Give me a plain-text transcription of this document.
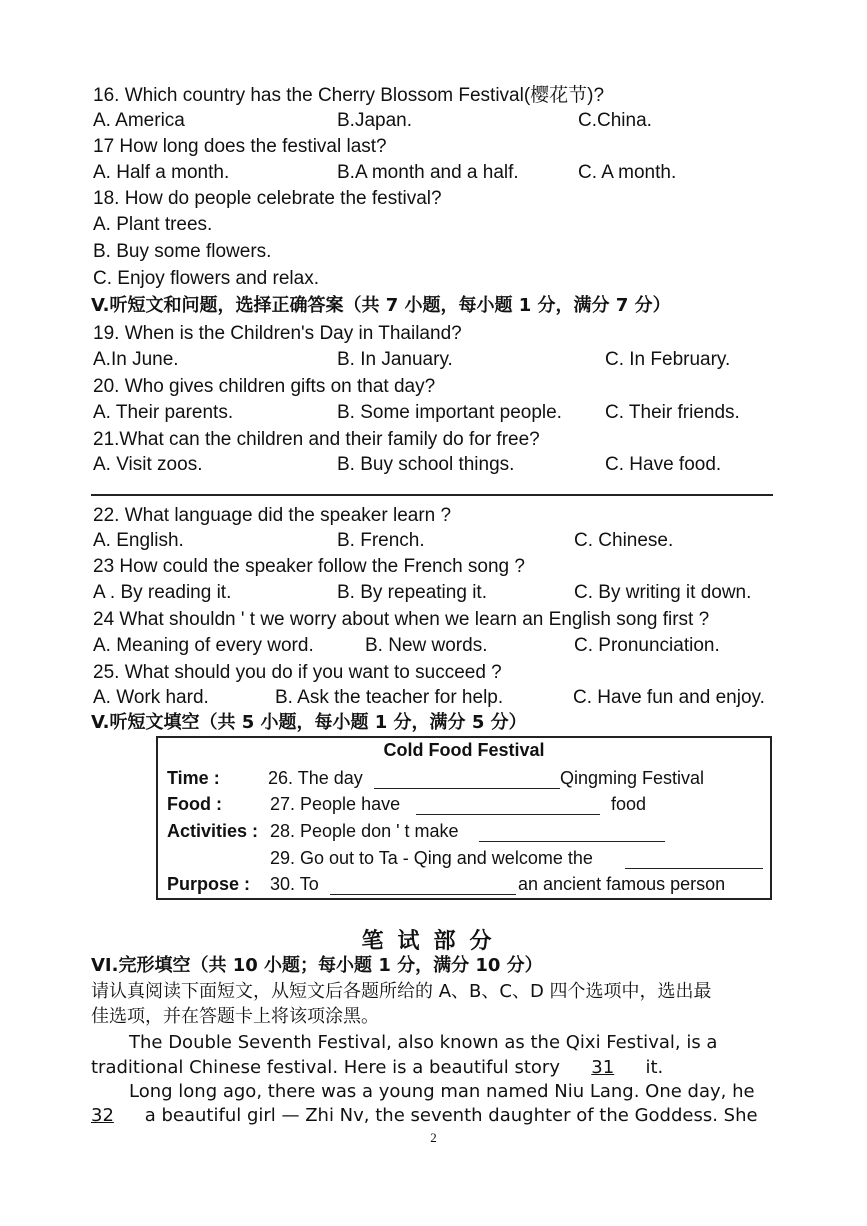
16. Which country has the Cherry Blossom Festival(樱花节)?
A. America	B.Japan.	C.China.
17 How long does the festival last?
A. Half a month.	B.A month and a half.	C. A month.
18. How do people celebrate the festival?
A. Plant trees.
B. Buy some flowers.
C. Enjoy flowers and relax.
V.听短文和问题，选择正确答案（共 7 小题，每小题 1 分，满分 7 分）
19. When is the Children's Day in Thailand?
A.In June.	B. In January.	C. In February.
20. Who gives children gifts on that day?
A. Their parents.	B. Some important people. C. Their friends.
21.What can the children and their family do for free?
A. Visit zoos.	B. Buy school things.	C. Have food.
22. What language did the speaker learn ?
A. English.	B. French.	C. Chinese.
23 How could the speaker follow the French song ?
A . By reading it.	B. By repeating it.	C. By writing it down.
24 What shouldn ' t we worry about when we learn an English song first ?
A. Meaning of every word.	B. New words.	C. Pronunciation.
25. What should you do if you want to succeed ?
A. Work hard.	B. Ask the teacher for help.	C. Have fun and enjoy.
V.听短文填空（共 5 小题，每小题 1 分，满分 5 分）
Cold Food Festival
Time :	26. The day	Qingming Festival
Food :	27. People have	food
Activities : 28. People don ' t make
29. Go out to Ta - Qing and welcome the
Purpose : 30. To	an ancient famous person
笔试部分
VI.完形填空（共 10 小题；每小题 1 分，满分 10 分）
请认真阅读下面短文，从短文后各题所给的 A、B、C、D 四个选项中，选出最
佳选项，并在答题卡上将该项涂黑。
The Double Seventh Festival, also known as the Qixi Festival, is a
traditional Chinese festival. Here is a beautiful story 31 it.
Long long ago, there was a young man named Niu Lang. One day, he
32 a beautiful girl — Zhi Nv, the seventh daughter of the Goddess. She
2
